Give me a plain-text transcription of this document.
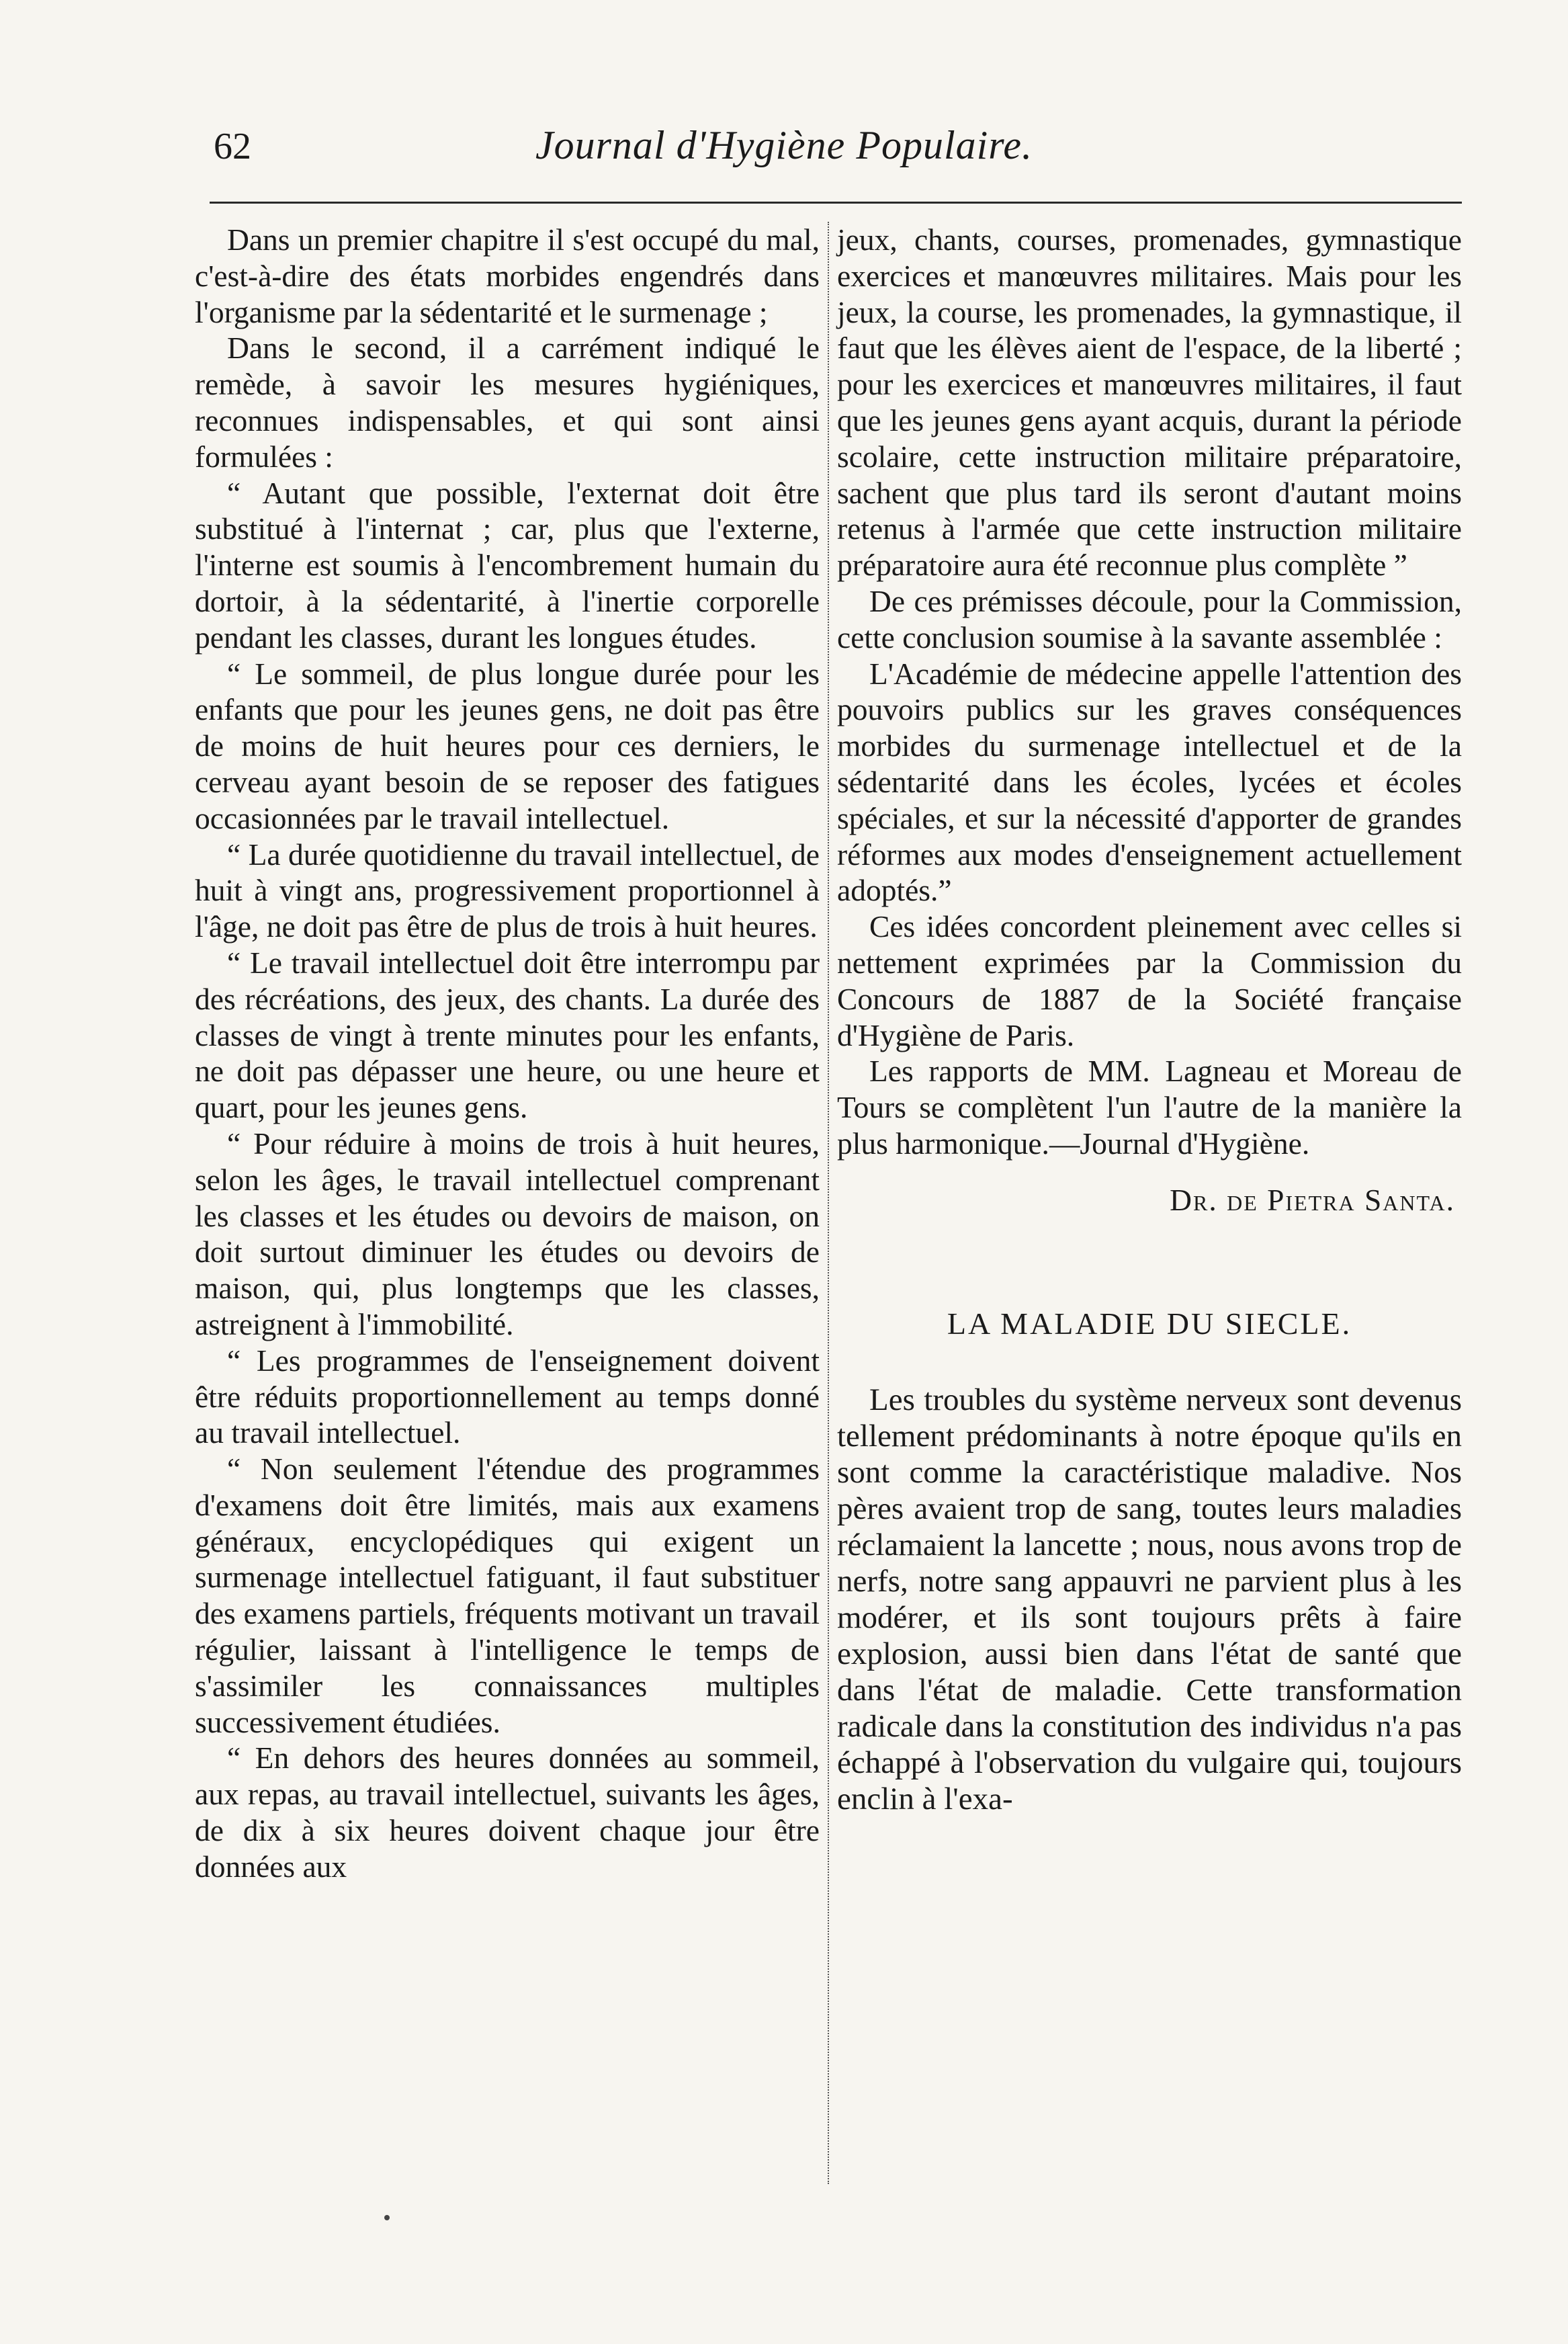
62	Journal d'Hygiène Populaire.

Dans un premier chapitre il s'est occupé du mal, c'est-à-dire des états morbides engendrés dans l'organisme par la sédentarité et le surmenage ;

Dans le second, il a carrément indiqué le remède, à savoir les mesures hygiéniques, reconnues indispensables, et qui sont ainsi formulées :

“ Autant que possible, l'externat doit être substitué à l'internat ; car, plus que l'externe, l'interne est soumis à l'encombrement humain du dortoir, à la sédentarité, à l'inertie corporelle pendant les classes, durant les longues études.

“ Le sommeil, de plus longue durée pour les enfants que pour les jeunes gens, ne doit pas être de moins de huit heures pour ces derniers, le cerveau ayant besoin de se reposer des fatigues occasionnées par le travail intellectuel.

“ La durée quotidienne du travail intellectuel, de huit à vingt ans, progressivement proportionnel à l'âge, ne doit pas être de plus de trois à huit heures.

“ Le travail intellectuel doit être interrompu par des récréations, des jeux, des chants. La durée des classes de vingt à trente minutes pour les enfants, ne doit pas dépasser une heure, ou une heure et quart, pour les jeunes gens.

“ Pour réduire à moins de trois à huit heures, selon les âges, le travail intellectuel comprenant les classes et les études ou devoirs de maison, on doit surtout diminuer les études ou devoirs de maison, qui, plus longtemps que les classes, astreignent à l'immobilité.

“ Les programmes de l'enseignement doivent être réduits proportionnellement au temps donné au travail intellectuel.

“ Non seulement l'étendue des programmes d'examens doit être limités, mais aux examens généraux, encyclopédiques qui exigent un surmenage intellectuel fatiguant, il faut substituer des examens partiels, fréquents motivant un travail régulier, laissant à l'intelligence le temps de s'assimiler les connaissances multiples successivement étudiées.

“ En dehors des heures données au sommeil, aux repas, au travail intellectuel, suivants les âges, de dix à six heures doivent chaque jour être données aux

jeux, chants, courses, promenades, gymnastique exercices et manœuvres militaires. Mais pour les jeux, la course, les promenades, la gymnastique, il faut que les élèves aient de l'espace, de la liberté ; pour les exercices et manœuvres militaires, il faut que les jeunes gens ayant acquis, durant la période scolaire, cette instruction militaire préparatoire, sachent que plus tard ils seront d'autant moins retenus à l'armée que cette instruction militaire préparatoire aura été reconnue plus complète ”

De ces prémisses découle, pour la Commission, cette conclusion soumise à la savante assemblée :

L'Académie de médecine appelle l'attention des pouvoirs publics sur les graves conséquences morbides du surmenage intellectuel et de la sédentarité dans les écoles, lycées et écoles spéciales, et sur la nécessité d'apporter de grandes réformes aux modes d'enseignement actuellement adoptés.”

Ces idées concordent pleinement avec celles si nettement exprimées par la Commission du Concours de 1887 de la Société française d'Hygiène de Paris.

Les rapports de MM. Lagneau et Moreau de Tours se complètent l'un l'autre de la manière la plus harmonique.—Journal d'Hygiène.

Dr. de Pietra Santa.

LA MALADIE DU SIECLE.

Les troubles du système nerveux sont devenus tellement prédominants à notre époque qu'ils en sont comme la caractéristique maladive. Nos pères avaient trop de sang, toutes leurs maladies réclamaient la lancette ; nous, nous avons trop de nerfs, notre sang appauvri ne parvient plus à les modérer, et ils sont toujours prêts à faire explosion, aussi bien dans l'état de santé que dans l'état de maladie. Cette transformation radicale dans la constitution des individus n'a pas échappé à l'observation du vulgaire qui, toujours enclin à l'exa-
